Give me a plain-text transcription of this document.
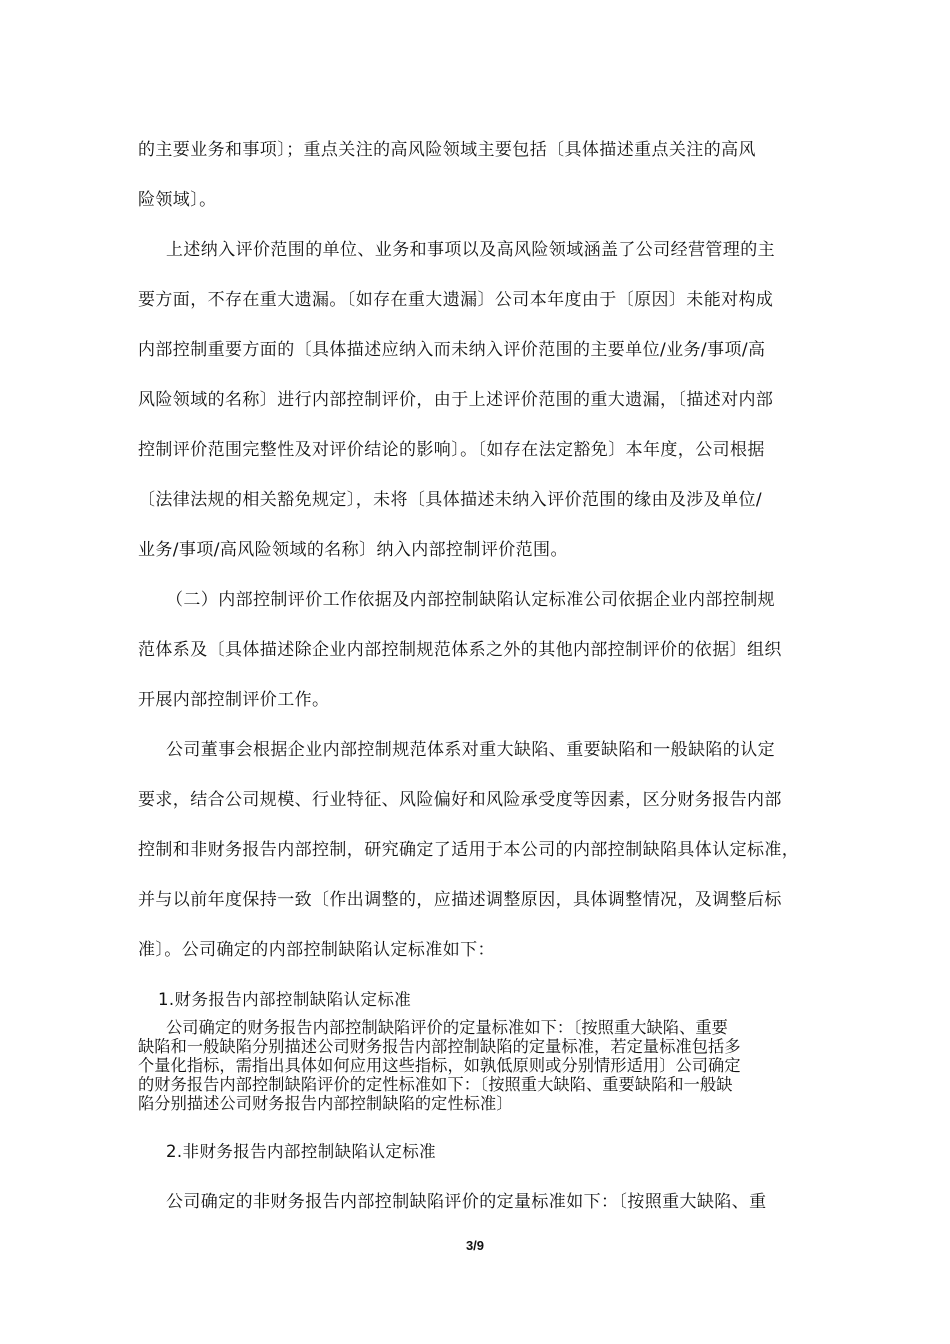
的主要业务和事项〕；重点关注的高风险领域主要包括〔具体描述重点关注的高风
险领域〕。
上述纳入评价范围的单位、业务和事项以及高风险领域涵盖了公司经营管理的主
要方面，不存在重大遗漏。〔如存在重大遗漏〕公司本年度由于〔原因〕未能对构成
内部控制重要方面的〔具体描述应纳入而未纳入评价范围的主要单位/业务/事项/高
风险领域的名称〕进行内部控制评价，由于上述评价范围的重大遗漏，〔描述对内部
控制评价范围完整性及对评价结论的影响〕。〔如存在法定豁免〕本年度，公司根据
〔法律法规的相关豁免规定〕，未将〔具体描述未纳入评价范围的缘由及涉及单位/
业务/事项/高风险领域的名称〕纳入内部控制评价范围。
（二）内部控制评价工作依据及内部控制缺陷认定标准公司依据企业内部控制规
范体系及〔具体描述除企业内部控制规范体系之外的其他内部控制评价的依据〕组织
开展内部控制评价工作。
公司董事会根据企业内部控制规范体系对重大缺陷、重要缺陷和一般缺陷的认定
要求，结合公司规模、行业特征、风险偏好和风险承受度等因素，区分财务报告内部
控制和非财务报告内部控制，研究确定了适用于本公司的内部控制缺陷具体认定标准，
并与以前年度保持一致〔作出调整的，应描述调整原因，具体调整情况，及调整后标
准〕。公司确定的内部控制缺陷认定标准如下：
1.财务报告内部控制缺陷认定标准
公司确定的财务报告内部控制缺陷评价的定量标准如下：〔按照重大缺陷、重要
缺陷和一般缺陷分别描述公司财务报告内部控制缺陷的定量标准，若定量标准包括多
个量化指标，需指出具体如何应用这些指标，如孰低原则或分别情形适用〕公司确定
的财务报告内部控制缺陷评价的定性标准如下：〔按照重大缺陷、重要缺陷和一般缺
陷分别描述公司财务报告内部控制缺陷的定性标准〕
2.非财务报告内部控制缺陷认定标准
公司确定的非财务报告内部控制缺陷评价的定量标准如下：〔按照重大缺陷、重
3/9
